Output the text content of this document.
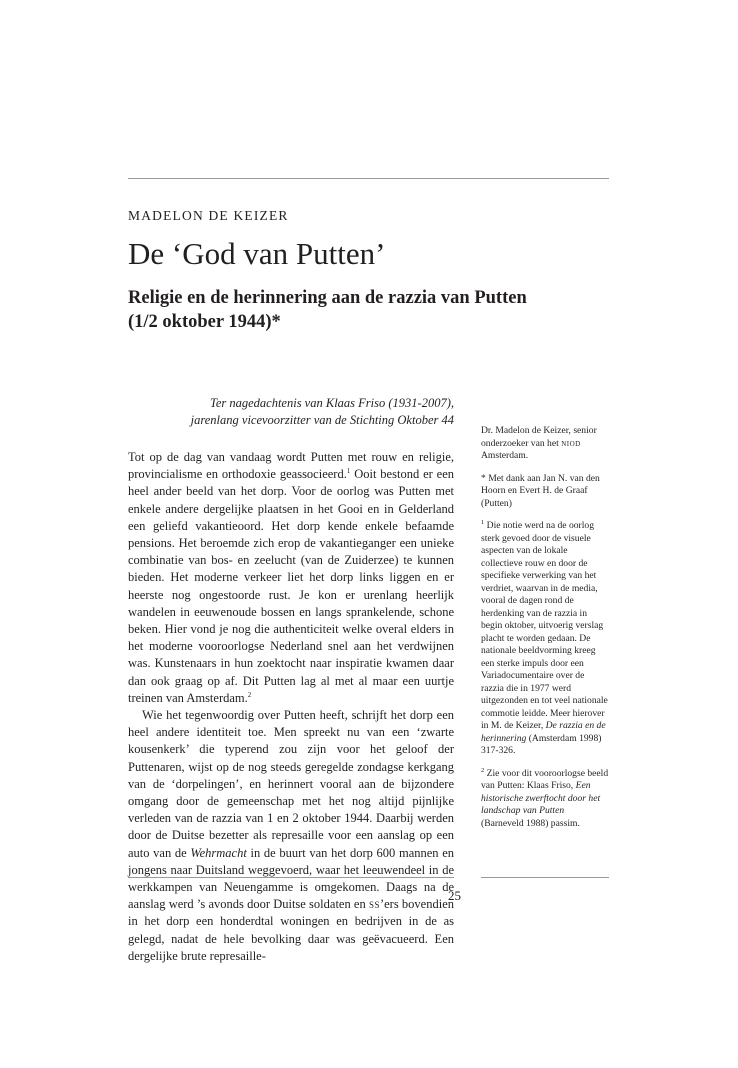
MADELON DE KEIZER
De ‘God van Putten’
Religie en de herinnering aan de razzia van Putten (1/2 oktober 1944)*
Ter nagedachtenis van Klaas Friso (1931-2007),
jarenlang vicevoorzitter van de Stichting Oktober 44

Tot op de dag van vandaag wordt Putten met rouw en religie, provincialisme en orthodoxie geassocieerd.$^1$ Ooit bestond er een heel ander beeld van het dorp. Voor de oorlog was Putten met enkele andere dergelijke plaatsen in het Gooi en in Gelderland een geliefd vakantieoord. Het dorp kende enkele befaamde pensions. Het beroemde zich erop de vakantieganger een unieke combinatie van bos- en zeelucht (van de Zuiderzee) te kunnen bieden. Het moderne verkeer liet het dorp links liggen en er heerste nog ongestoorde rust. Je kon er urenlang heerlijk wandelen in eeuwenoude bossen en langs sprankelende, schone beken. Hier vond je nog die authenticiteit welke overal elders in het moderne vooroorlogse Nederland snel aan het verdwijnen was. Kunstenaars in hun zoektocht naar inspiratie kwamen daar dan ook graag op af. Dit Putten lag al met al maar een uurtje treinen van Amsterdam.$^2$

Wie het tegenwoordig over Putten heeft, schrijft het dorp een heel andere identiteit toe. Men spreekt nu van een ‘zwarte kousenkerk’ die typerend zou zijn voor het geloof der Puttenaren, wijst op de nog steeds geregelde zondagse kerkgang van de ‘dorpelingen’, en herinnert vooral aan de bijzondere omgang door de gemeenschap met het nog altijd pijnlijke verleden van de razzia van 1 en 2 oktober 1944. Daarbij werden door de Duitse bezetter als represaille voor een aanslag op een auto van de Wehrmacht in de buurt van het dorp 600 mannen en jongens naar Duitsland weggevoerd, waar het leeuwendeel in de werkkampen van Neuengamme is omgekomen. Daags na de aanslag werd ’s avonds door Duitse soldaten en ss’ers bovendien in het dorp een honderdtal woningen en bedrijven in de as gelegd, nadat de hele bevolking daar was geëvacueerd. Een dergelijke brute represaille-

Dr. Madelon de Keizer, senior onderzoeker van het niod Amsterdam.

* Met dank aan Jan N. van den Hoorn en Evert H. de Graaf (Putten)

$^1$ Die notie werd na de oorlog sterk gevoed door de visuele aspecten van de lokale collectieve rouw en door de specifieke verwerking van het verdriet, waarvan in de media, vooral de dagen rond de herdenking van de razzia in begin oktober, uitvoerig verslag placht te worden gedaan. De nationale beeldvorming kreeg een sterke impuls door een Variadocumentaire over de razzia die in 1977 werd uitgezonden en tot veel nationale commotie leidde. Meer hierover in M. de Keizer, De razzia en de herinnering (Amsterdam 1998) 317-326.

$^2$ Zie voor dit vooroorlogse beeld van Putten: Klaas Friso, Een historische zwerftocht door het landschap van Putten (Barneveld 1988) passim.

25
